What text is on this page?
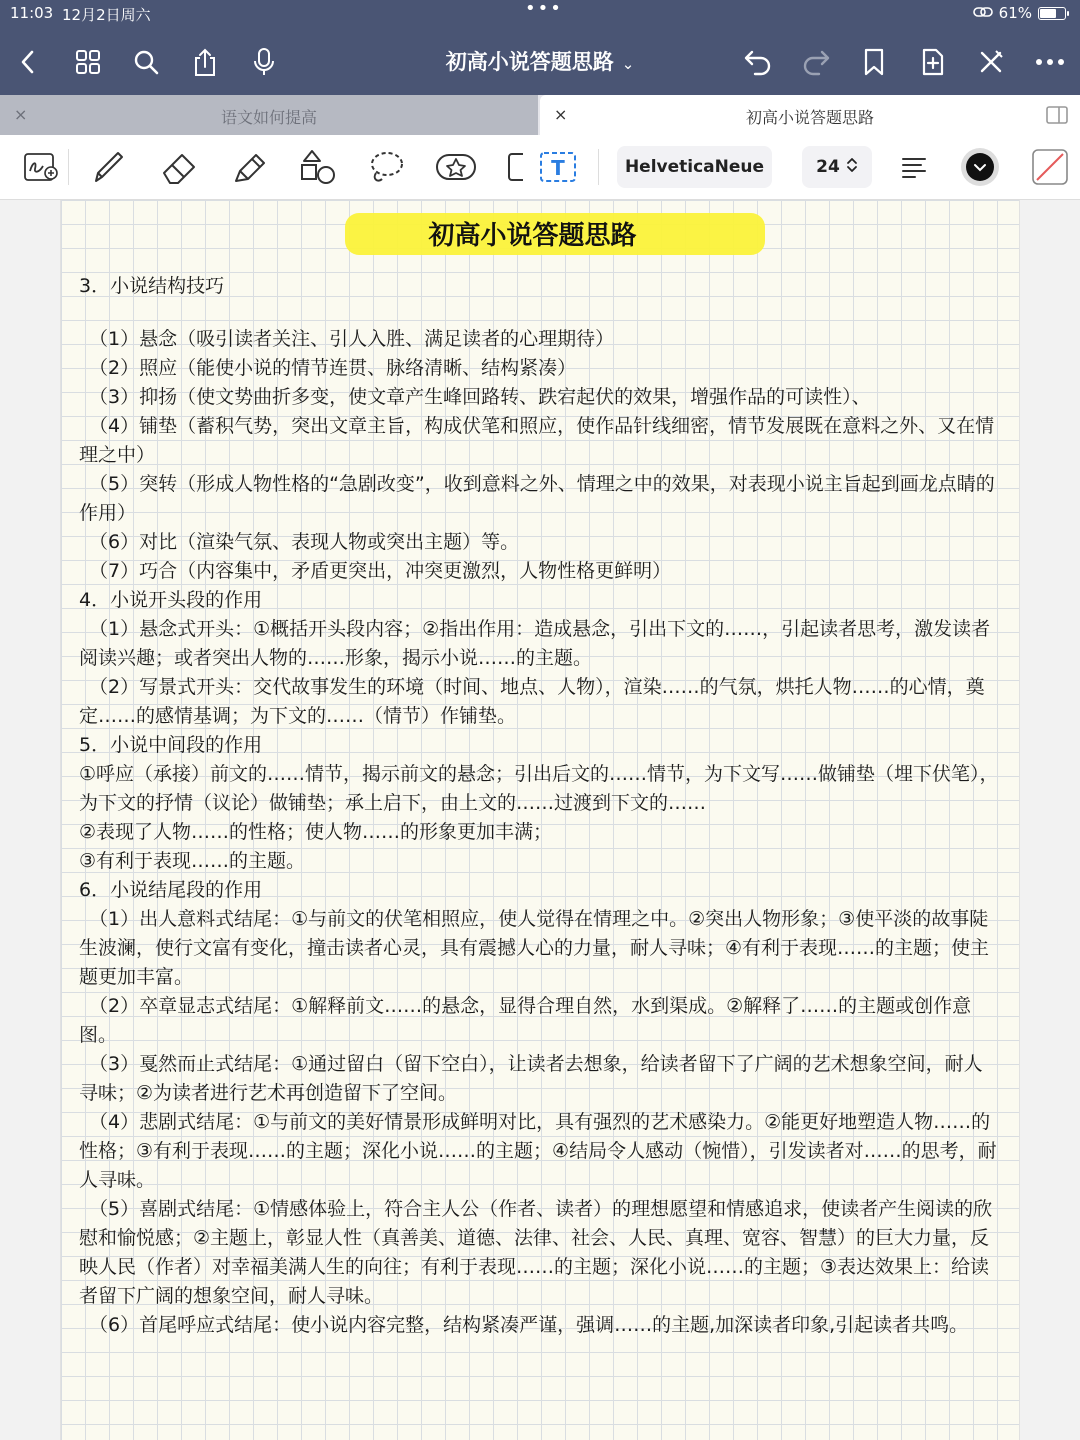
11:03 12月2日周六	•••	61%
初高小说答题思路 ⌄
×	语文如何提高	×	初高小说答题思路
T	HelveticaNeue	24
初高小说答题思路

3．小说结构技巧

（1）悬念（吸引读者关注、引人入胜、满足读者的心理期待）

（2）照应（能使小说的情节连贯、脉络清晰、结构紧凑）

（3）抑扬（使文势曲折多变，使文章产生峰回路转、跌宕起伏的效果，增强作品的可读性）、

（4）铺垫（蓄积气势，突出文章主旨，构成伏笔和照应，使作品针线细密，情节发展既在意料之外、又在情理之中）

（5）突转（形成人物性格的“急剧改变”，收到意料之外、情理之中的效果，对表现小说主旨起到画龙点睛的作用）

（6）对比（渲染气氛、表现人物或突出主题）等。

（7）巧合（内容集中，矛盾更突出，冲突更激烈，人物性格更鲜明）

4．小说开头段的作用

（1）悬念式开头：①概括开头段内容；②指出作用：造成悬念，引出下文的……，引起读者思考，激发读者阅读兴趣；或者突出人物的……形象，揭示小说……的主题。

（2）写景式开头：交代故事发生的环境（时间、地点、人物），渲染……的气氛，烘托人物……的心情，奠定……的感情基调；为下文的……（情节）作铺垫。

5．小说中间段的作用

①呼应（承接）前文的……情节，揭示前文的悬念；引出后文的……情节，为下文写……做铺垫（埋下伏笔），为下文的抒情（议论）做铺垫；承上启下，由上文的……过渡到下文的……

②表现了人物……的性格；使人物……的形象更加丰满；

③有利于表现……的主题。

6．小说结尾段的作用

（1）出人意料式结尾：①与前文的伏笔相照应，使人觉得在情理之中。②突出人物形象；③使平淡的故事陡生波澜，使行文富有变化，撞击读者心灵，具有震撼人心的力量，耐人寻味；④有利于表现……的主题；使主题更加丰富。

（2）卒章显志式结尾：①解释前文……的悬念，显得合理自然，水到渠成。②解释了……的主题或创作意图。

（3）戛然而止式结尾：①通过留白（留下空白），让读者去想象，给读者留下了广阔的艺术想象空间，耐人寻味；②为读者进行艺术再创造留下了空间。

（4）悲剧式结尾：①与前文的美好情景形成鲜明对比，具有强烈的艺术感染力。②能更好地塑造人物……的性格；③有利于表现……的主题；深化小说……的主题；④结局令人感动（惋惜），引发读者对……的思考，耐人寻味。

（5）喜剧式结尾：①情感体验上，符合主人公（作者、读者）的理想愿望和情感追求，使读者产生阅读的欣慰和愉悦感；②主题上，彰显人性（真善美、道德、法律、社会、人民、真理、宽容、智慧）的巨大力量，反映人民（作者）对幸福美满人生的向往；有利于表现……的主题；深化小说……的主题；③表达效果上：给读者留下广阔的想象空间，耐人寻味。

（6）首尾呼应式结尾：使小说内容完整，结构紧凑严谨，强调……的主题,加深读者印象,引起读者共鸣。
